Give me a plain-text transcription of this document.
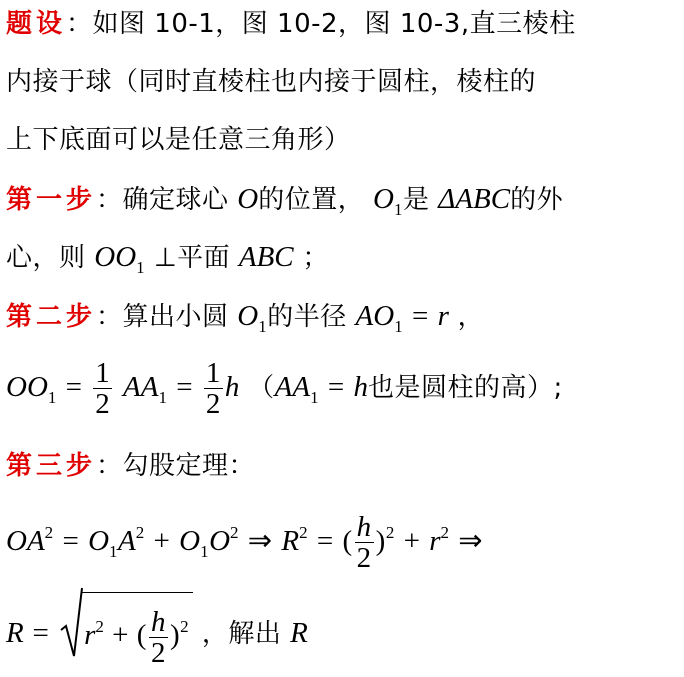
题设：如图 10-1，图 10-2，图 10-3,直三棱柱
内接于球（同时直棱柱也内接于圆柱，棱柱的
上下底面可以是任意三角形）
第一步：确定球心 O的位置， $O_1$是 ΔABC的外
心，则 $OO_1$ ⊥平面 ABC ；
第二步：算出小圆 $O_1$的半径 $AO_1 = r$ ，
$OO_1 = \frac{1}{2} AA_1 = \frac{1}{2}$ h （$AA_1 = h$也是圆柱的高）;
第三步：勾股定理：
$OA^2 = O_1A^2 + O_1O^2$ ⇒ $R^2$ = ( $\frac{h}{2} )^2 + r^2$ ⇒
$R = r^2$ + ( $\frac{h}{2} )^2$ ，解出 R
